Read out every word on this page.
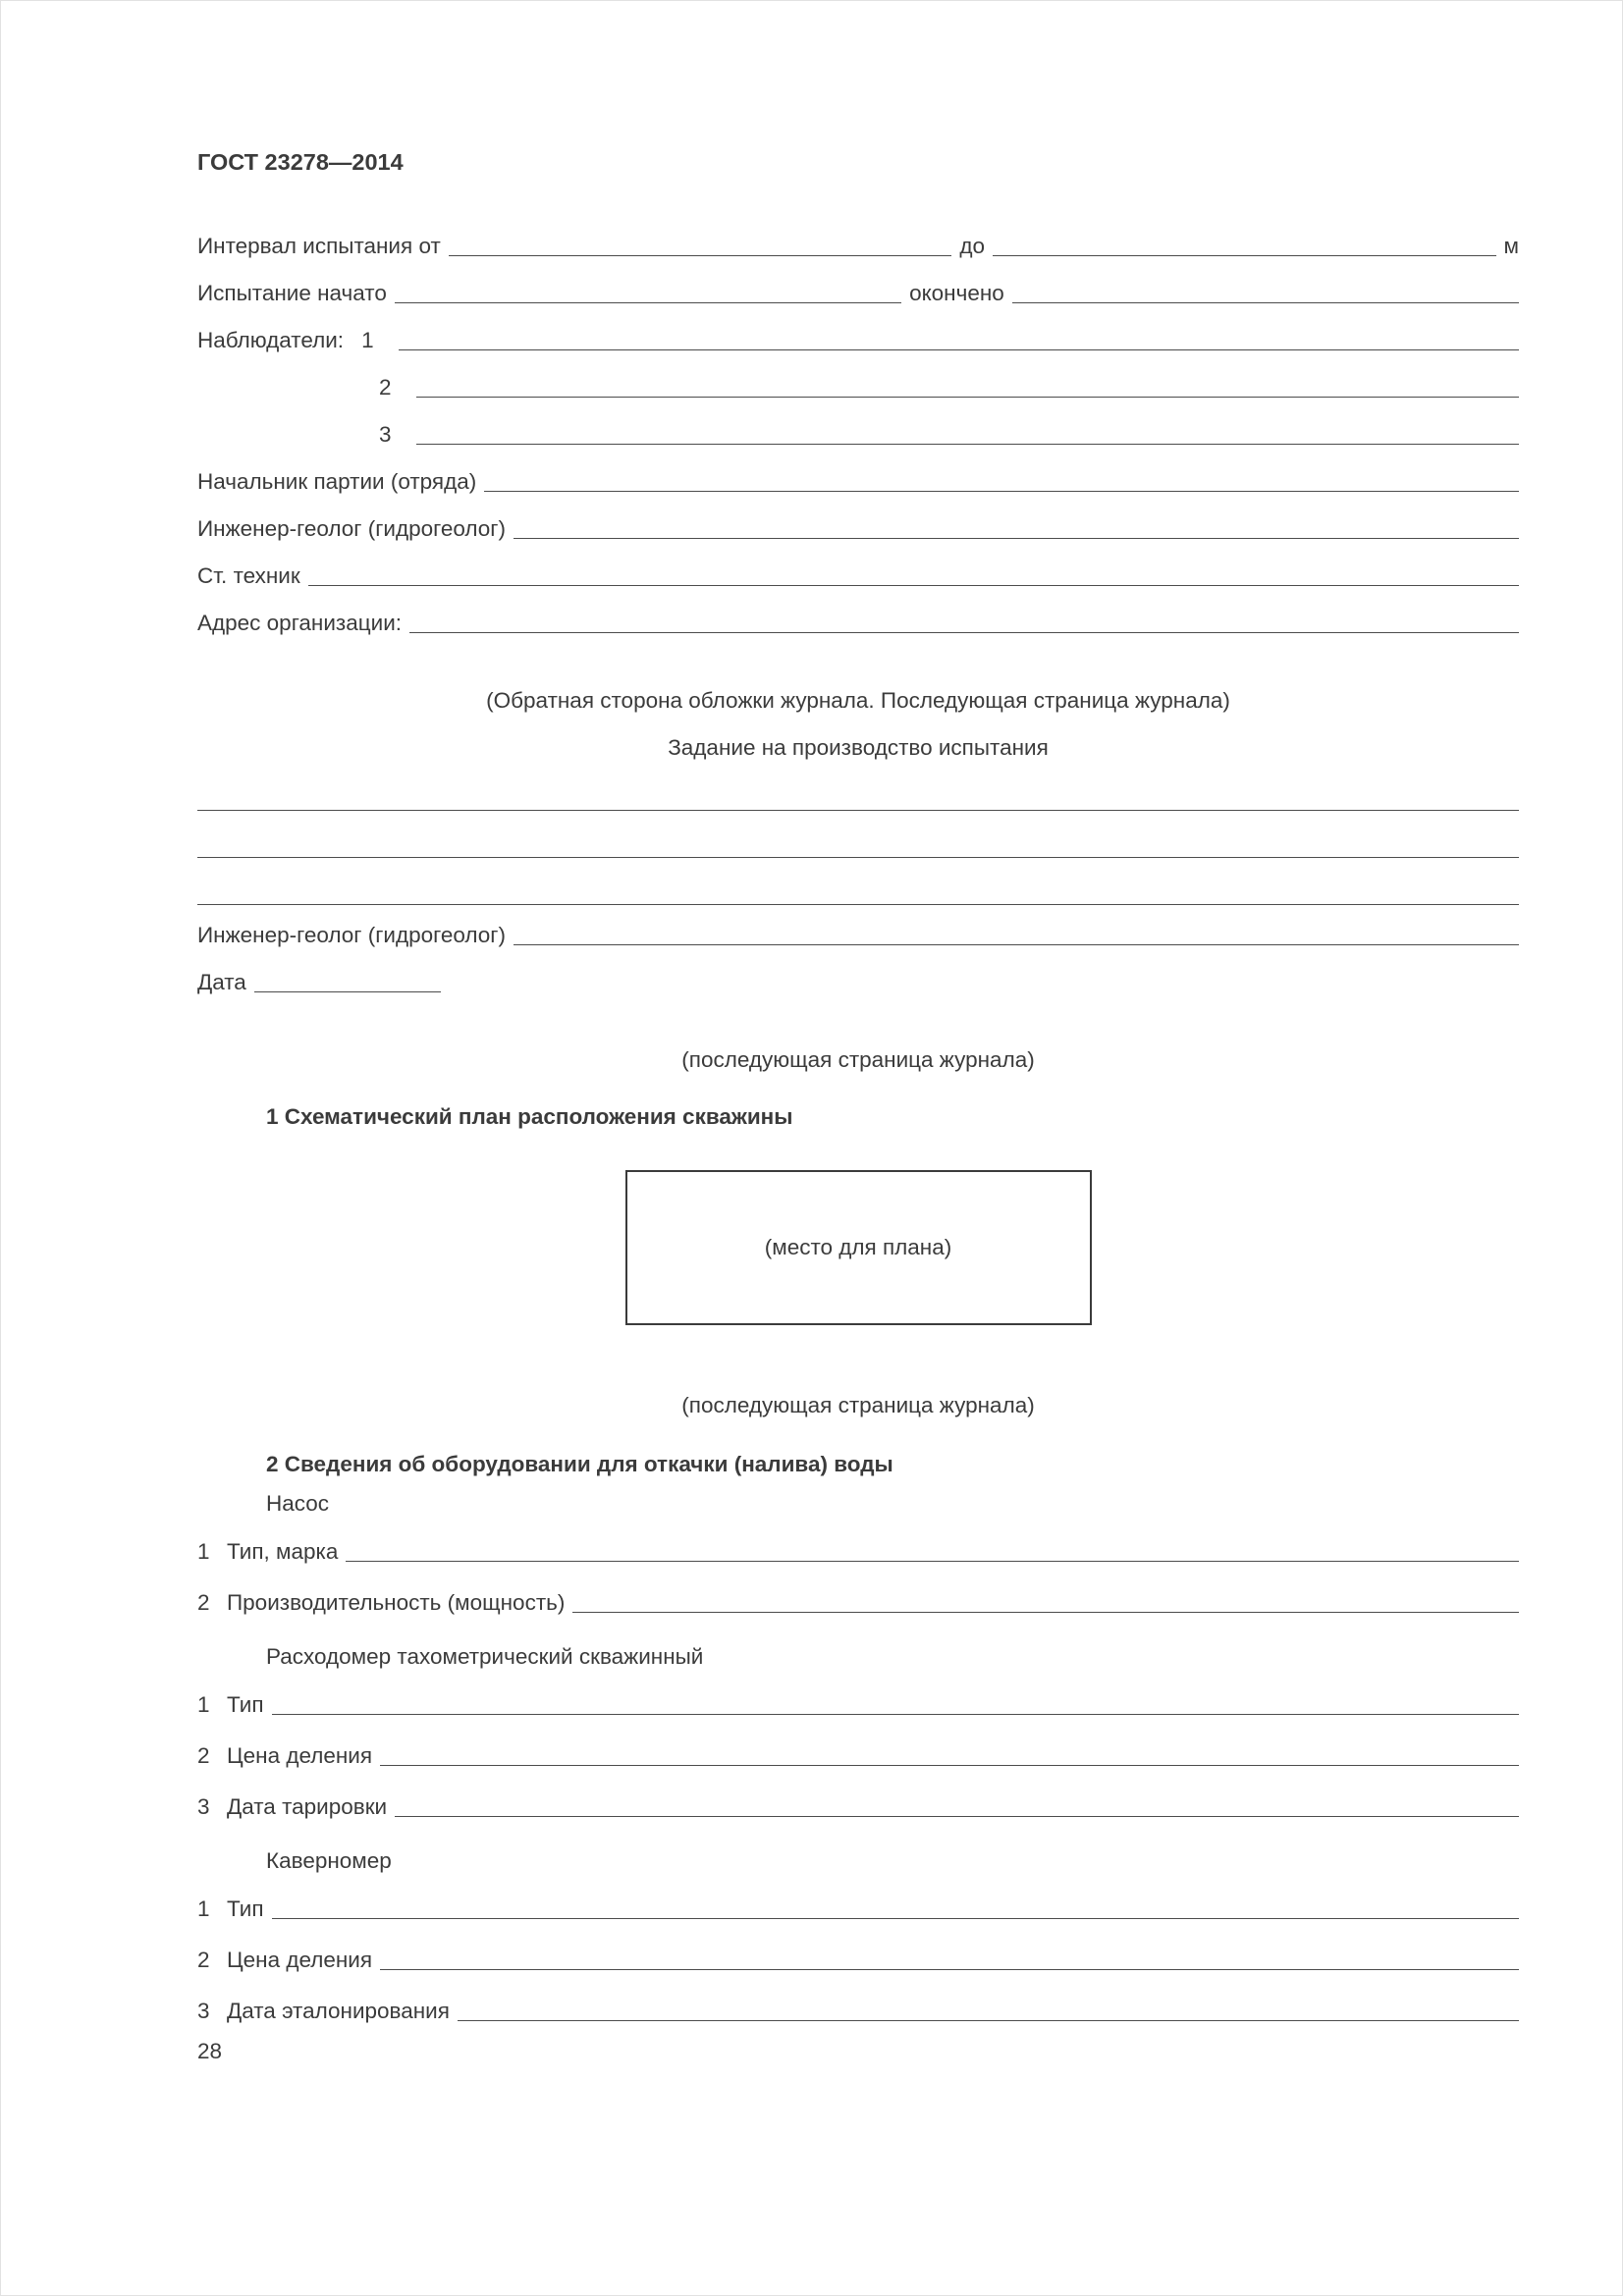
ГОСТ 23278—2014
Интервал испытания от	до	м
Испытание начато	окончено
Наблюдатели: 1
2
3
Начальник партии (отряда)
Инженер-геолог (гидрогеолог)
Ст. техник
Адрес организации:
(Обратная сторона обложки журнала. Последующая страница журнала)
Задание на производство испытания
Инженер-геолог (гидрогеолог)
Дата
(последующая страница журнала)
1 Схематический план расположения скважины
(место для плана)
(последующая страница журнала)
2 Сведения об оборудовании для откачки (налива) воды
Насос
1 Тип, марка
2 Производительность (мощность)
Расходомер тахометрический скважинный
1 Тип
2 Цена деления
3 Дата тарировки
Каверномер
1 Тип
2 Цена деления
3 Дата эталонирования
28
